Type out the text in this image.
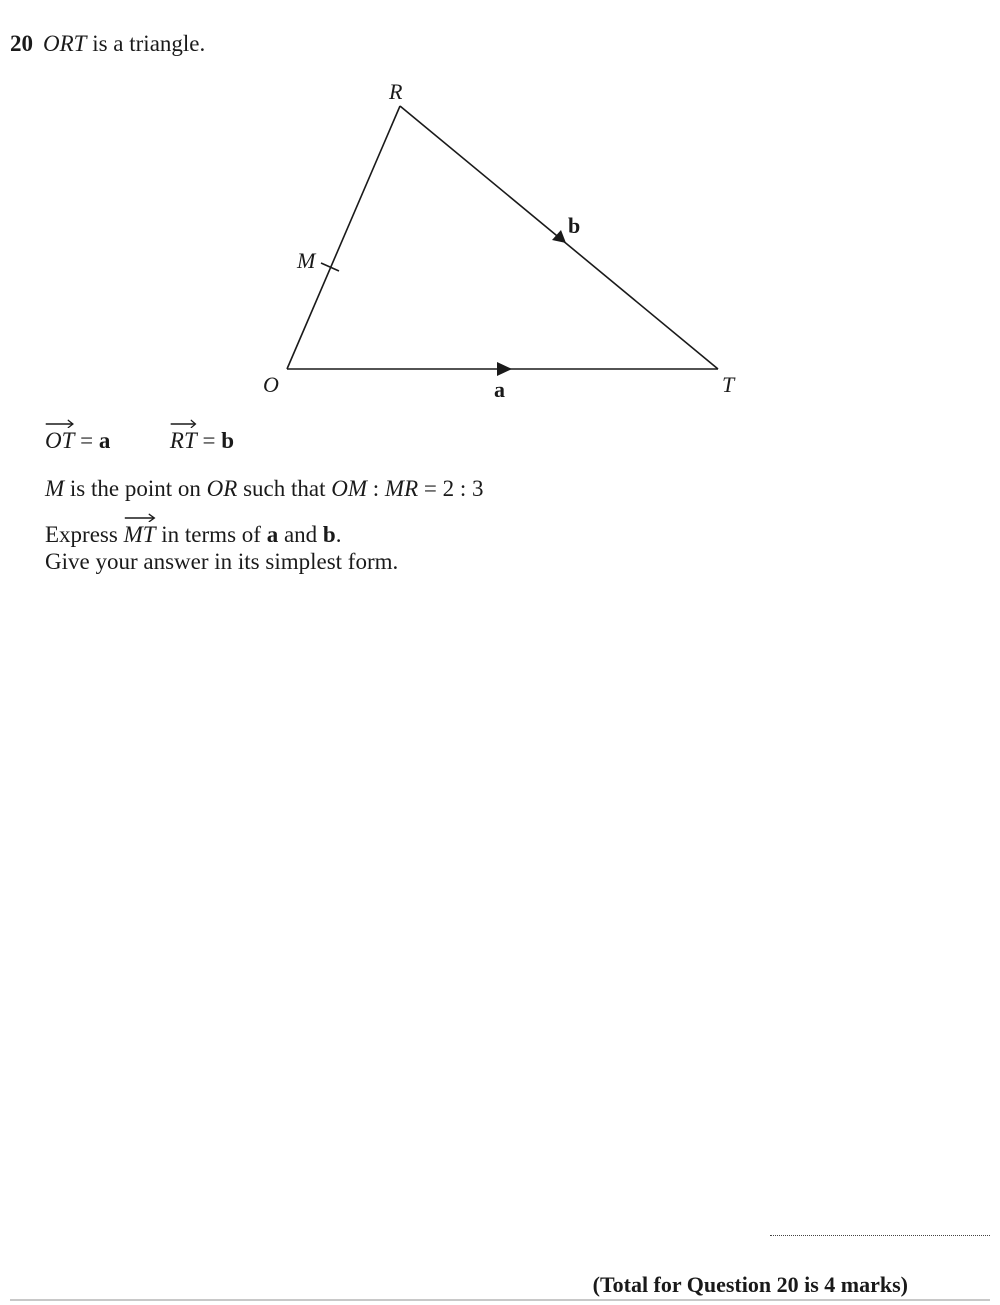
20 ORT is a triangle.
R
O	T
M
a
b
OT = a	RT = b
M is the point on OR such that OM : MR = 2 : 3
Express
MT in terms of a and b.
Give your answer in its simplest form.
(Total for Question 20 is 4 marks)
